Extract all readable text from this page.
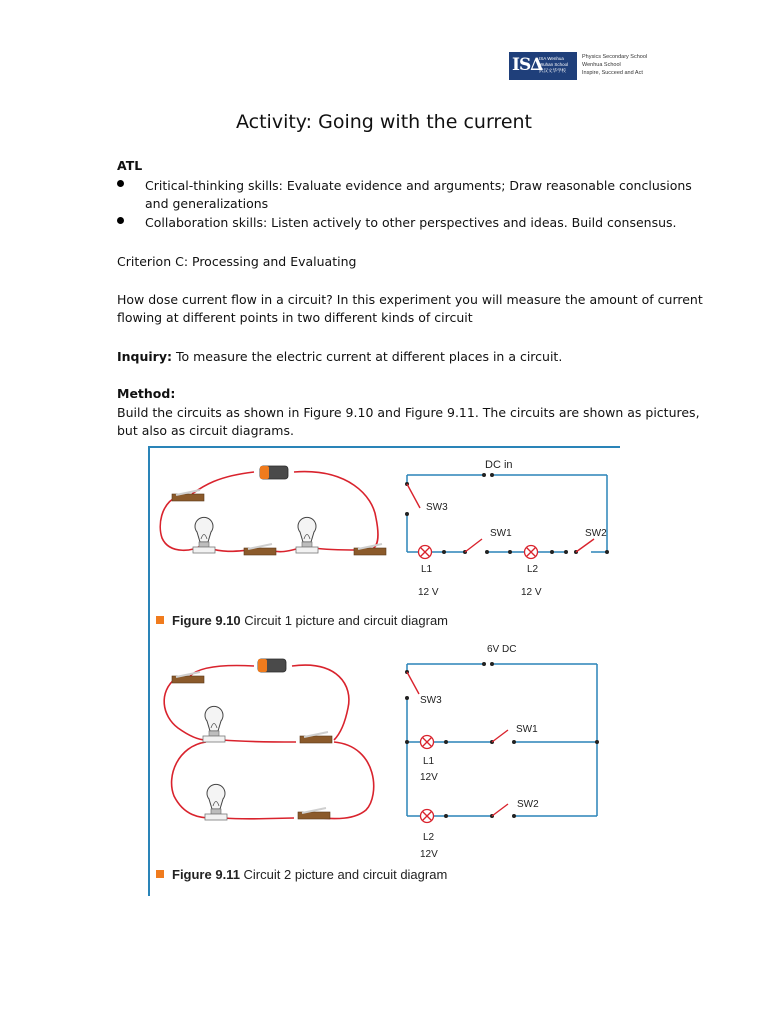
IS∆
ISA Wenhua
Wuhan School
武汉文华学校
Physics Secondary School
Wenhua School
Inspire, Succeed and Act
Activity: Going with the current
ATL
Critical-thinking skills: Evaluate evidence and arguments; Draw reasonable conclusions
and generalizations
Collaboration skills: Listen actively to other perspectives and ideas. Build consensus.
Criterion C: Processing and Evaluating
How dose current flow in a circuit? In this experiment you will measure the amount of current
flowing at different points in two different kinds of circuit
Inquiry: To measure the electric current at different places in a circuit.
Method:
Build the circuits as shown in Figure 9.10 and Figure 9.11. The circuits are shown as pictures,
but also as circuit diagrams.
DC in
SW3
SW1	SW2
L1	L2
12 V	12 V
Figure 9.10 Circuit 1 picture and circuit diagram
6V DC
SW3
SW1
SW2
L1
12V
L2
12V
Figure 9.11 Circuit 2 picture and circuit diagram
